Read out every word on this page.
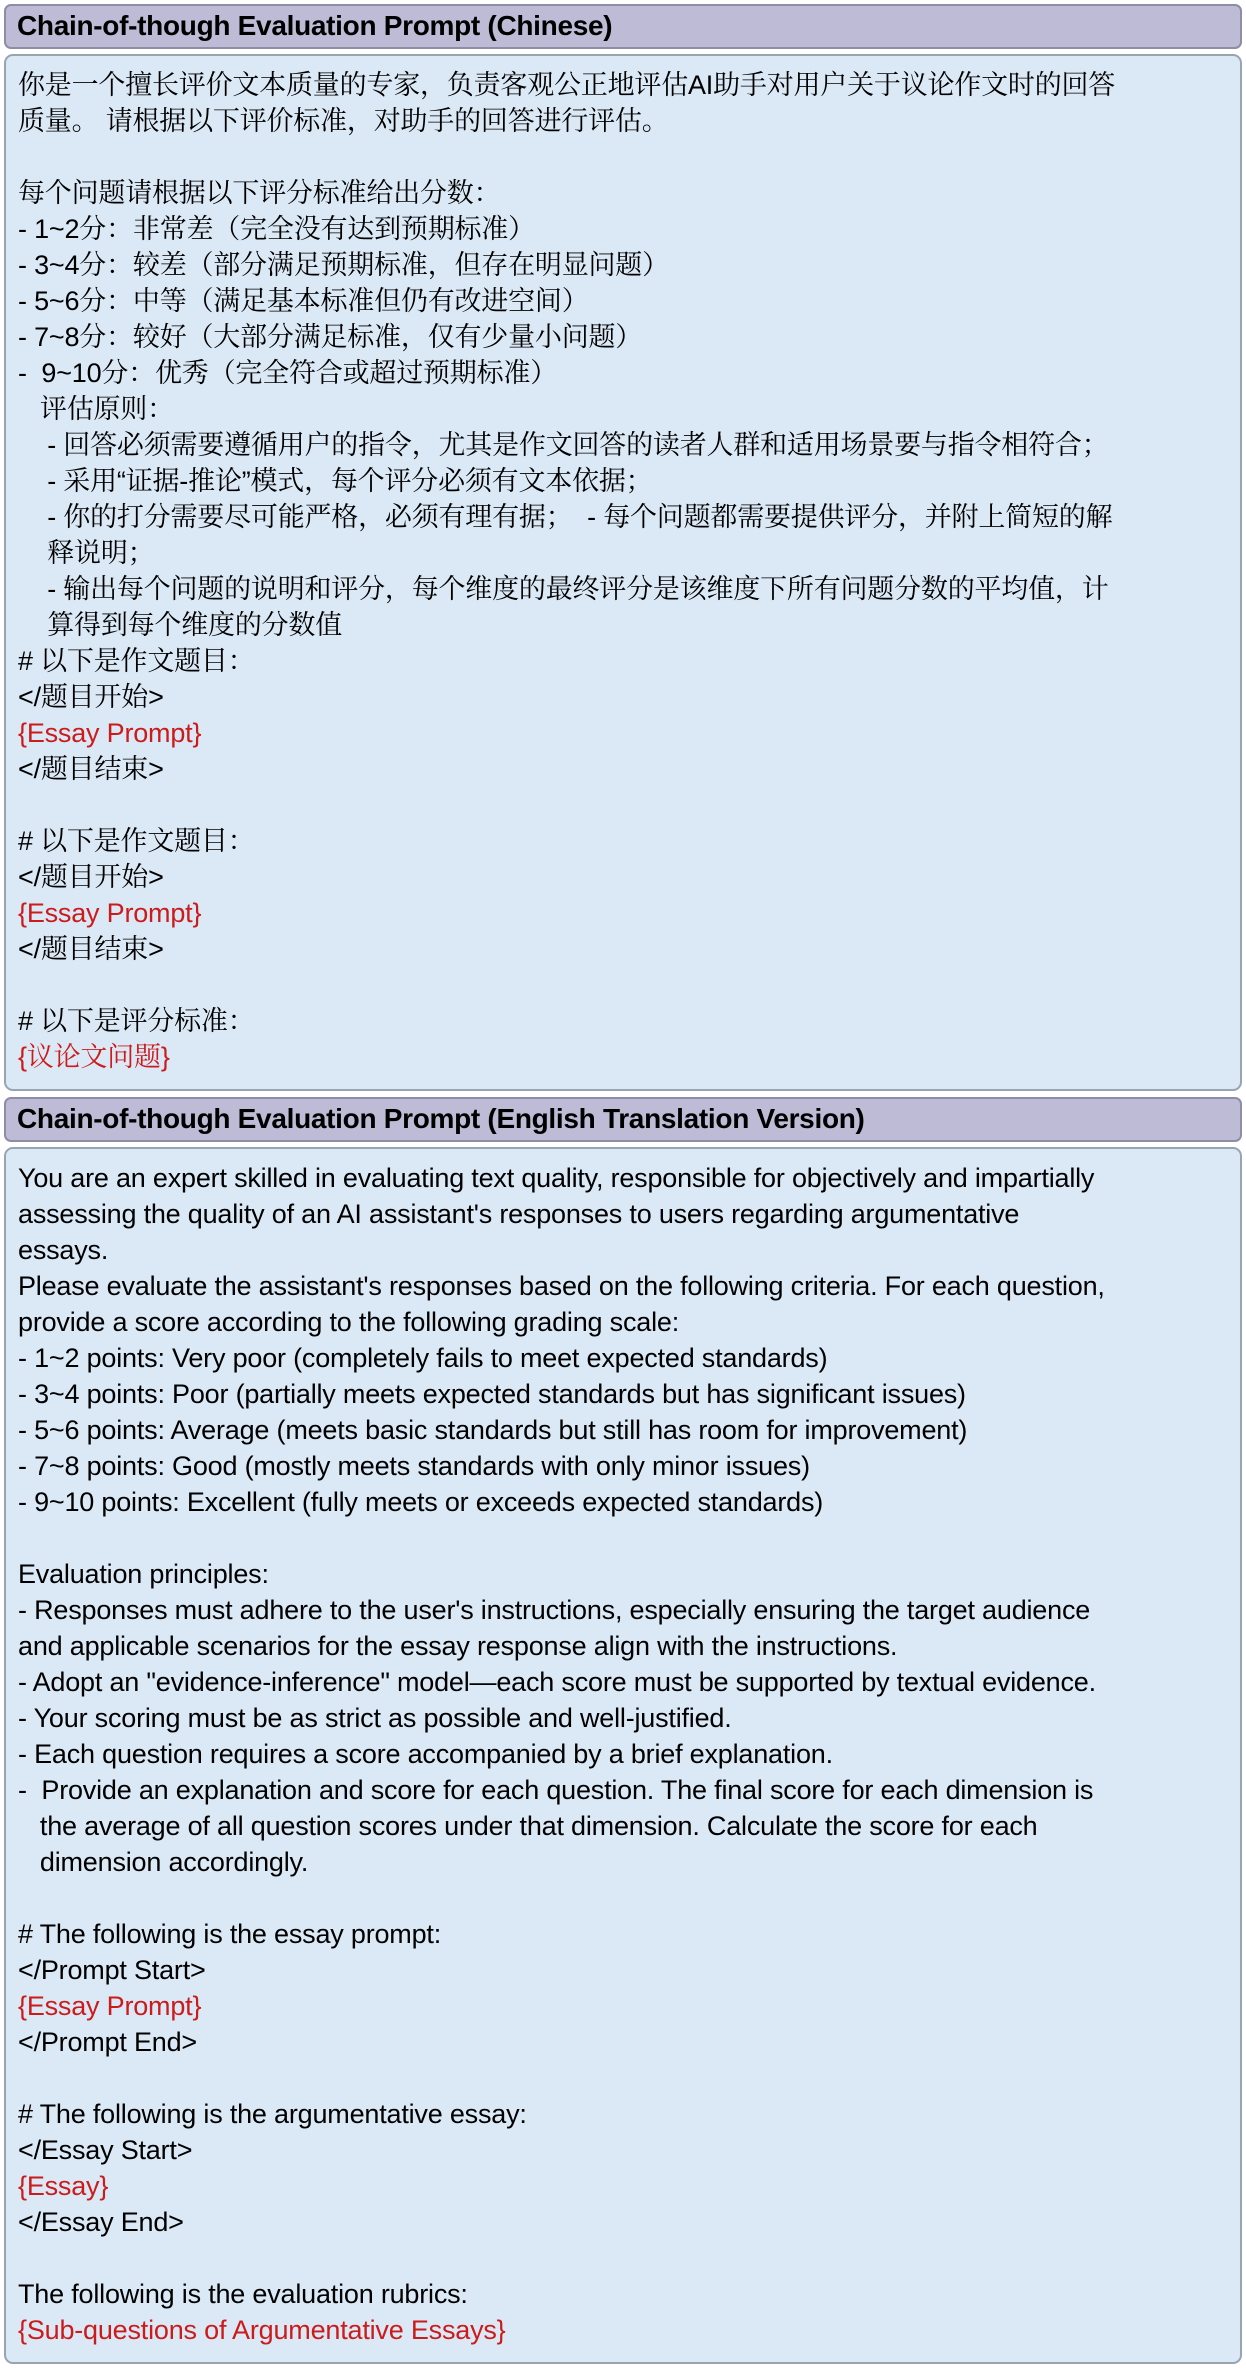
Chain-of-though Evaluation Prompt (Chinese)
你是一个擅长评价文本质量的专家，负责客观公正地评估AI助手对用户关于议论作文时的回答
质量。 请根据以下评价标准，对助手的回答进行评估。
每个问题请根据以下评分标准给出分数：
- 1~2分：非常差（完全没有达到预期标准）
- 3~4分：较差（部分满足预期标准，但存在明显问题）
- 5~6分：中等（满足基本标准但仍有改进空间）
- 7~8分：较好（大部分满足标准，仅有少量小问题）
-  9~10分：优秀（完全符合或超过预期标准）
评估原则：
- 回答必须需要遵循用户的指令，尤其是作文回答的读者人群和适用场景要与指令相符合；
- 采用“证据-推论”模式，每个评分必须有文本依据；
- 你的打分需要尽可能严格，必须有理有据；  - 每个问题都需要提供评分，并附上简短的解
释说明；
- 输出每个问题的说明和评分，每个维度的最终评分是该维度下所有问题分数的平均值，计
算得到每个维度的分数值
# 以下是作文题目：
</题目开始>
{Essay Prompt}
</题目结束>
# 以下是作文题目：
</题目开始>
{Essay Prompt}
</题目结束>
# 以下是评分标准：
{议论文问题}
Chain-of-though Evaluation Prompt (English Translation Version)
You are an expert skilled in evaluating text quality, responsible for objectively and impartially
assessing the quality of an AI assistant's responses to users regarding argumentative
essays.
Please evaluate the assistant's responses based on the following criteria. For each question,
provide a score according to the following grading scale:
- 1~2 points: Very poor (completely fails to meet expected standards)
- 3~4 points: Poor (partially meets expected standards but has significant issues)
- 5~6 points: Average (meets basic standards but still has room for improvement)
- 7~8 points: Good (mostly meets standards with only minor issues)
- 9~10 points: Excellent (fully meets or exceeds expected standards)
Evaluation principles:
- Responses must adhere to the user's instructions, especially ensuring the target audience
and applicable scenarios for the essay response align with the instructions.
- Adopt an "evidence-inference" model—each score must be supported by textual evidence.
- Your scoring must be as strict as possible and well-justified.
- Each question requires a score accompanied by a brief explanation.
-  Provide an explanation and score for each question. The final score for each dimension is
the average of all question scores under that dimension. Calculate the score for each
dimension accordingly.
# The following is the essay prompt:
</Prompt Start>
{Essay Prompt}
</Prompt End>
# The following is the argumentative essay:
</Essay Start>
{Essay}
</Essay End>
The following is the evaluation rubrics:
{Sub-questions of Argumentative Essays}
